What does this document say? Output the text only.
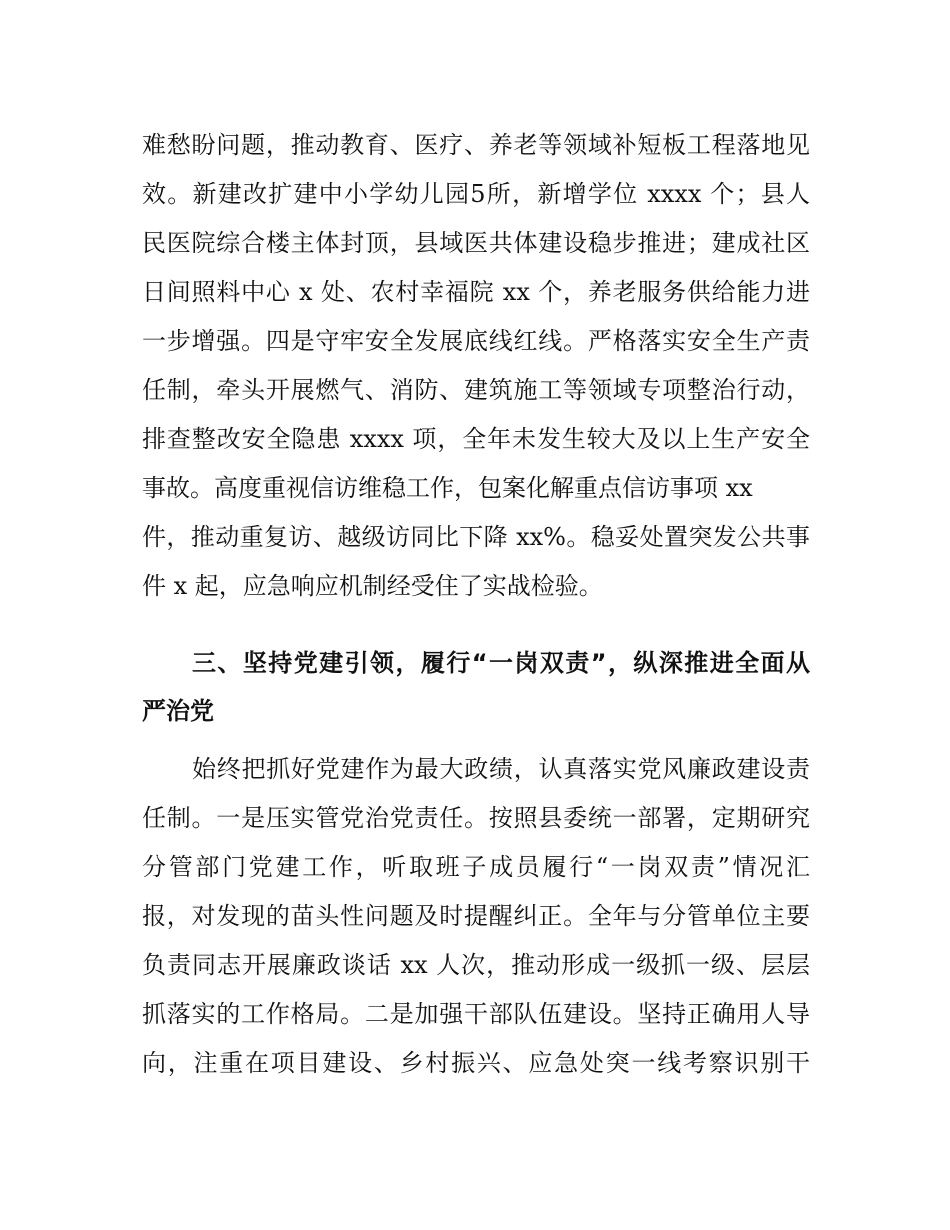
难愁盼问题，推动教育、医疗、养老等领域补短板工程落地见
效。新建改扩建中小学幼儿园5所，新增学位 xxxx 个；县人
民医院综合楼主体封顶，县域医共体建设稳步推进；建成社区
日间照料中心 x 处、农村幸福院 xx 个，养老服务供给能力进
一步增强。四是守牢安全发展底线红线。严格落实安全生产责
任制，牵头开展燃气、消防、建筑施工等领域专项整治行动，
排查整改安全隐患 xxxx 项，全年未发生较大及以上生产安全
事故。高度重视信访维稳工作，包案化解重点信访事项 xx
件，推动重复访、越级访同比下降 xx%。稳妥处置突发公共事
件 x 起，应急响应机制经受住了实战检验。
三、坚持党建引领，履行“一岗双责”，纵深推进全面从
严治党
始终把抓好党建作为最大政绩，认真落实党风廉政建设责
任制。一是压实管党治党责任。按照县委统一部署，定期研究
分管部门党建工作，听取班子成员履行“一岗双责”情况汇
报，对发现的苗头性问题及时提醒纠正。全年与分管单位主要
负责同志开展廉政谈话 xx 人次，推动形成一级抓一级、层层
抓落实的工作格局。二是加强干部队伍建设。坚持正确用人导
向，注重在项目建设、乡村振兴、应急处突一线考察识别干
